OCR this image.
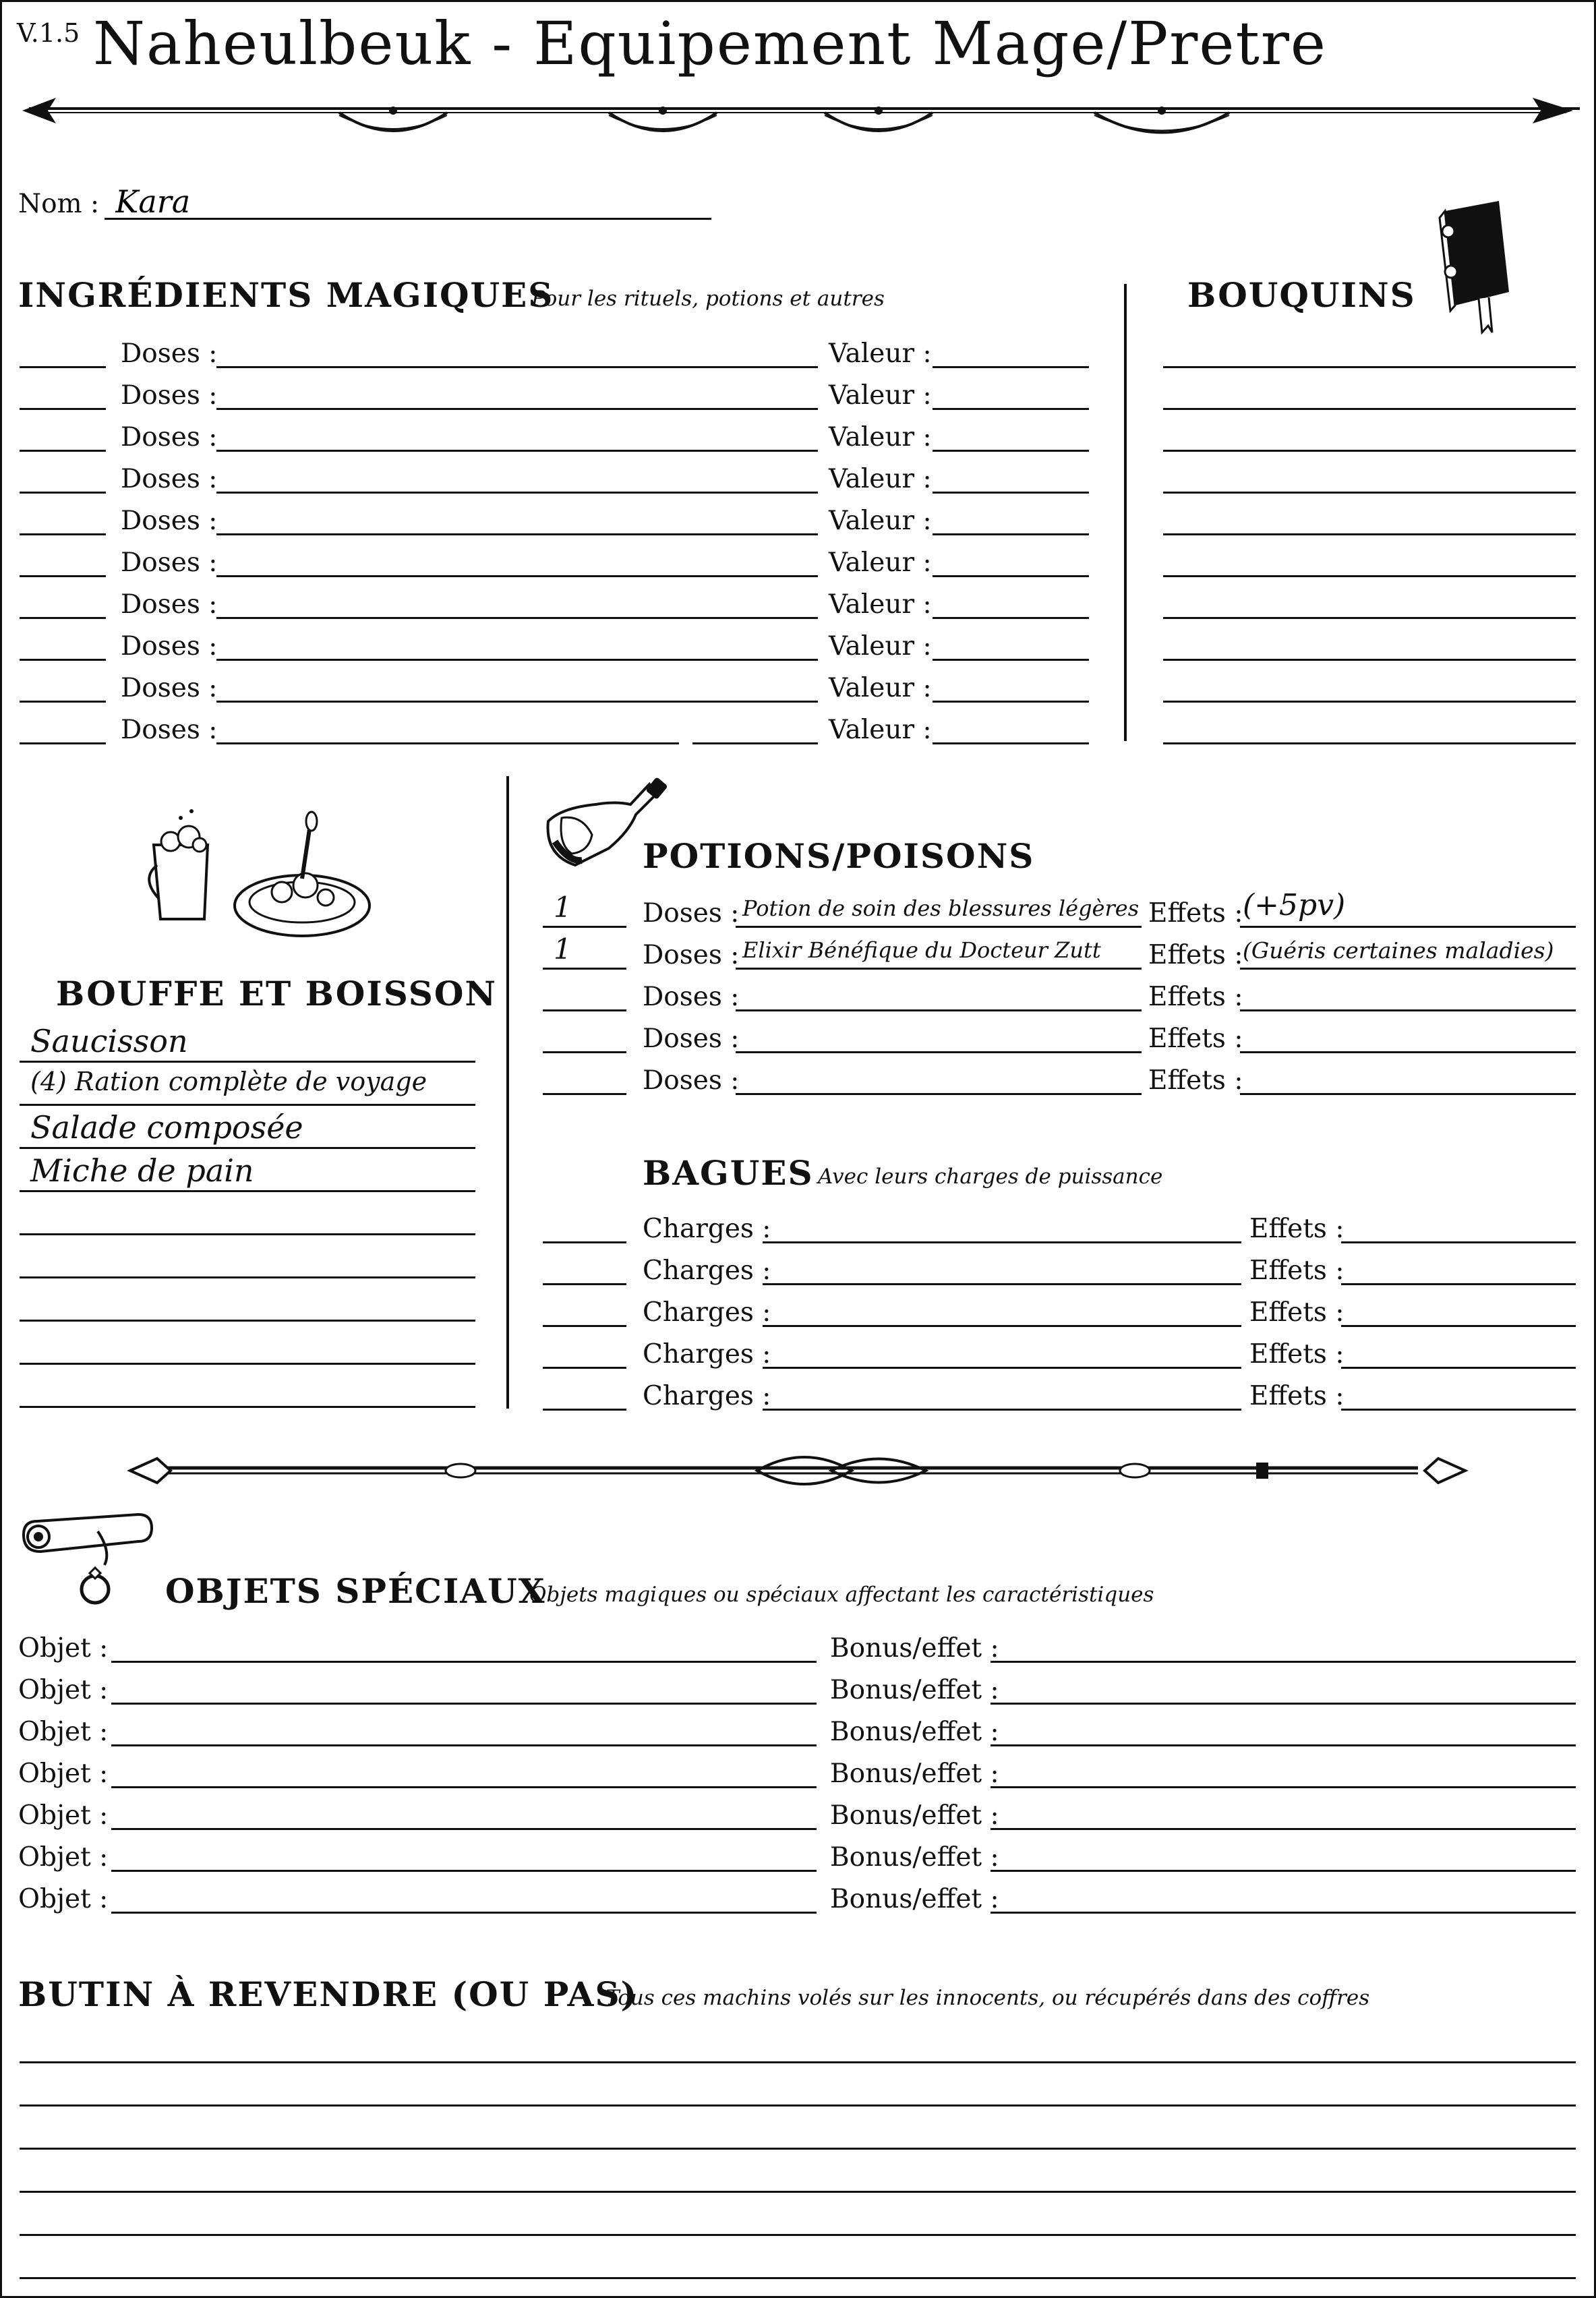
V.1.5 Naheulbeuk - Equipement Mage/Pretre
Nom :
Kara
INGRÉDIENTS MAGIQUES
Pour les rituels, potions et autres
Doses :	Valeur :
Doses :	Valeur :
Doses :	Valeur :
Doses :	Valeur :
Doses :	Valeur :
Doses :	Valeur :
Doses :	Valeur :
Doses :	Valeur :
Doses :	Valeur :
Doses :	Valeur :
BOUQUINS
BOUFFE ET BOISSON
Saucisson
(4) Ration complète de voyage
Salade composée
Miche de pain
POTIONS/POISONS
Doses :	Effets :
1	Potion de soin des blessures légères	(+5pv)
Doses :	Effets :
1	Elixir Bénéfique du Docteur Zutt	(Guéris certaines maladies)
Doses :	Effets :
Doses :	Effets :
Doses :	Effets :
BAGUES Avec leurs charges de puissance
Charges :	Effets :
Charges :	Effets :
Charges :	Effets :
Charges :	Effets :
Charges :	Effets :
OBJETS SPÉCIAUX
Objets magiques ou spéciaux affectant les caractéristiques
Objet :	Bonus/effet :
Objet :	Bonus/effet :
Objet :	Bonus/effet :
Objet :	Bonus/effet :
Objet :	Bonus/effet :
Objet :	Bonus/effet :
Objet :	Bonus/effet :
BUTIN À REVENDRE (OU PAS)
Tous ces machins volés sur les innocents, ou récupérés dans des coffres
